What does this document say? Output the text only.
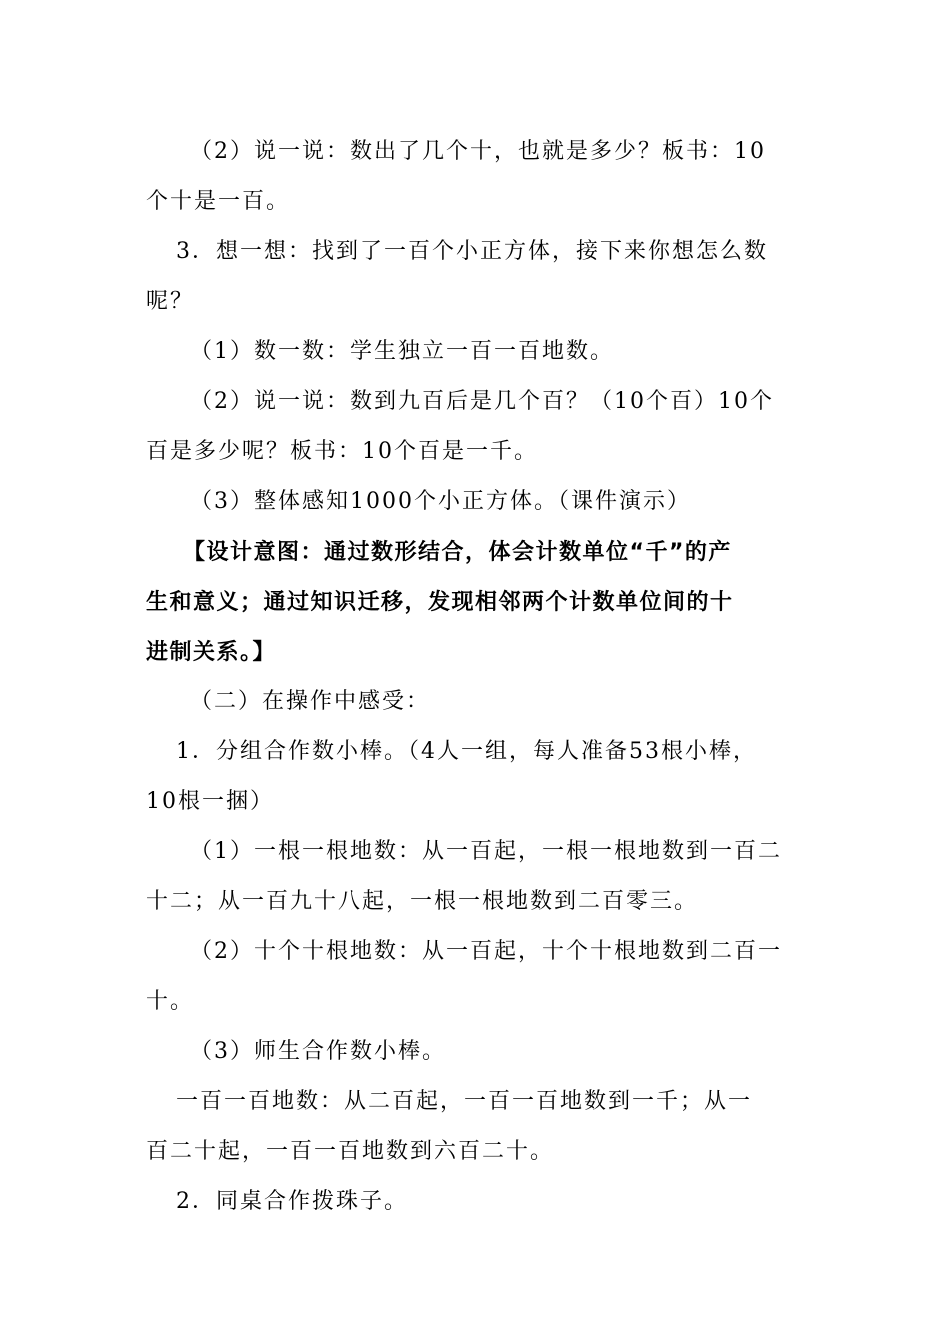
（2）说一说：数出了几个十，也就是多少？板书：10
个十是一百。
3．想一想：找到了一百个小正方体，接下来你想怎么数
呢？
（1）数一数：学生独立一百一百地数。
（2）说一说：数到九百后是几个百？（10个百）10个
百是多少呢？板书：10个百是一千。
（3）整体感知1000个小正方体。（课件演示）
【设计意图：通过数形结合，体会计数单位“千”的产
生和意义；通过知识迁移，发现相邻两个计数单位间的十
进制关系。】
（二）在操作中感受：
1．分组合作数小棒。（4人一组，每人准备53根小棒，
10根一捆）
（1）一根一根地数：从一百起，一根一根地数到一百二
十二；从一百九十八起，一根一根地数到二百零三。
（2）十个十根地数：从一百起，十个十根地数到二百一
十。
（3）师生合作数小棒。
一百一百地数：从二百起，一百一百地数到一千；从一
百二十起，一百一百地数到六百二十。
2．同桌合作拨珠子。
